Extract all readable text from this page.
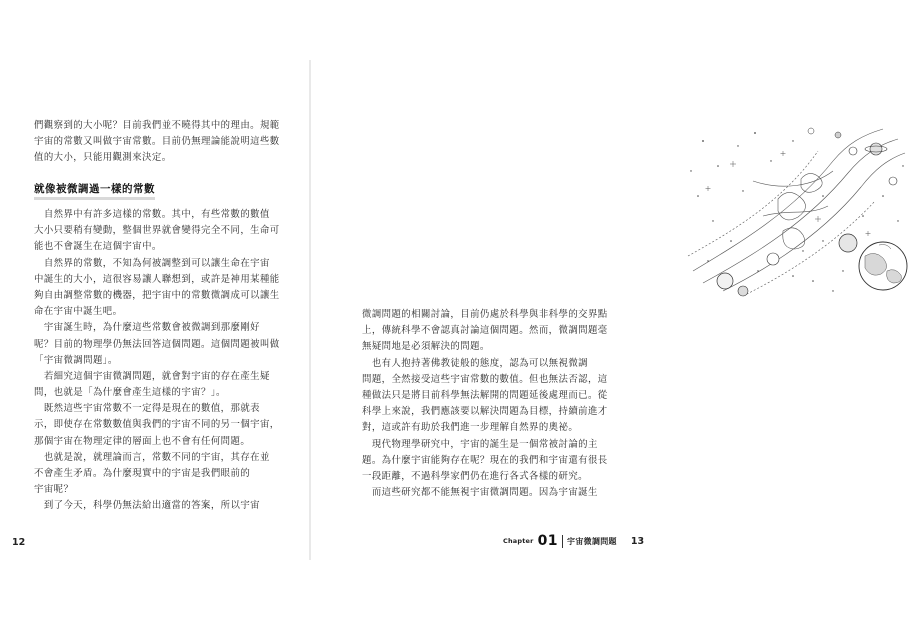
們觀察到的大小呢？目前我們並不曉得其中的理由。規範
宇宙的常數又叫做宇宙常數。目前仍無理論能說明這些數
值的大小，只能用觀測來決定。
就像被微調過一樣的常數
　自然界中有許多這樣的常數。其中，有些常數的數值
大小只要稍有變動，整個世界就會變得完全不同，生命可
能也不會誕生在這個宇宙中。
　自然界的常數，不知為何被調整到可以讓生命在宇宙
中誕生的大小，這很容易讓人聯想到，或許是神用某種能
夠自由調整常數的機器，把宇宙中的常數微調成可以讓生
命在宇宙中誕生吧。
　宇宙誕生時，為什麼這些常數會被微調到那麼剛好
呢？目前的物理學仍無法回答這個問題。這個問題被叫做
「宇宙微調問題」。
　若細究這個宇宙微調問題，就會對宇宙的存在產生疑
問，也就是「為什麼會產生這樣的宇宙？」。
　既然這些宇宙常數不一定得是現在的數值，那就表
示，即使存在常數數值與我們的宇宙不同的另一個宇宙，
那個宇宙在物理定律的層面上也不會有任何問題。
　也就是說，就理論而言，常數不同的宇宙，其存在並
不會產生矛盾。為什麼現實中的宇宙是我們眼前的
宇宙呢？
　到了今天，科學仍無法給出適當的答案，所以宇宙
12
微調問題的相關討論，目前仍處於科學與非科學的交界點
上，傳統科學不會認真討論這個問題。然而，微調問題毫
無疑問地是必須解決的問題。
　也有人抱持著佛教徒般的態度，認為可以無視微調
問題，全然接受這些宇宙常數的數值。但也無法否認，這
種做法只是將目前科學無法解開的問題延後處理而已。從
科學上來說，我們應該要以解決問題為目標，持續前進才
對，這或許有助於我們進一步理解自然界的奧祕。
　現代物理學研究中，宇宙的誕生是一個常被討論的主
題。為什麼宇宙能夠存在呢？現在的我們和宇宙還有很長
一段距離，不過科學家們仍在進行各式各樣的研究。
　而這些研究都不能無視宇宙微調問題。因為宇宙誕生
Chapter 01 宇宙微調問題 13
